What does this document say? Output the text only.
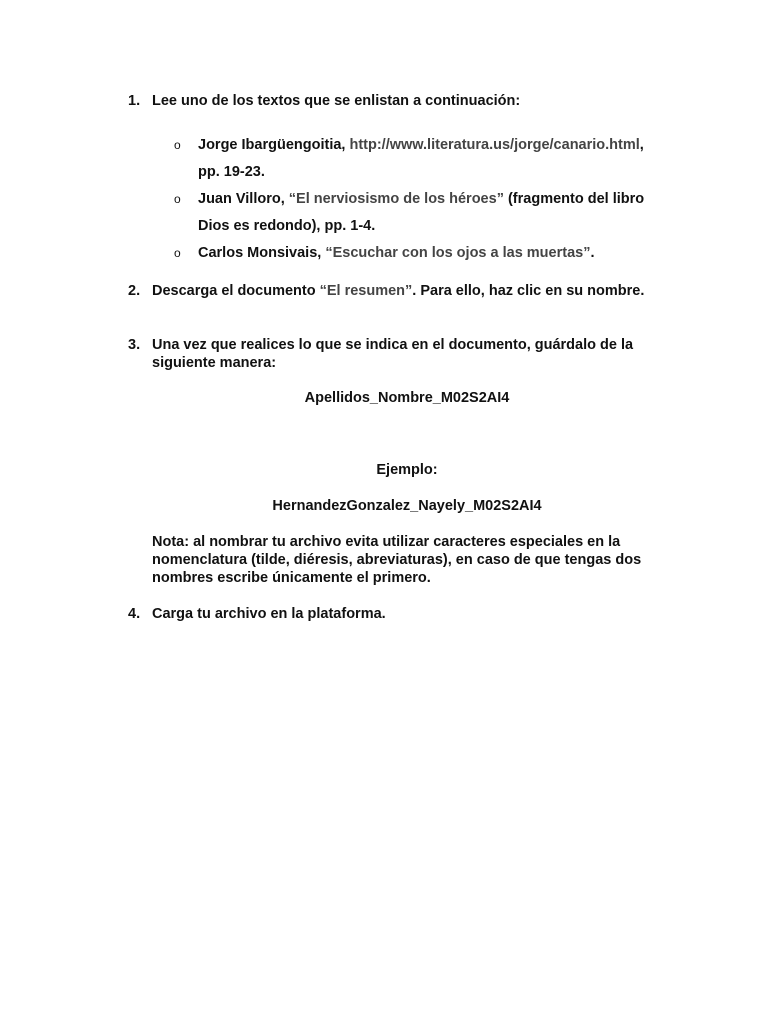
1. Lee uno de los textos que se enlistan a continuación:
o Jorge Ibargüengoitia, http://www.literatura.us/jorge/canario.html, pp. 19-23.
o Juan Villoro, “El nerviosismo de los héroes” (fragmento del libro Dios es redondo), pp. 1-4.
o Carlos Monsivais, “Escuchar con los ojos a las muertas”.
2. Descarga el documento “El resumen”. Para ello, haz clic en su nombre.
3. Una vez que realices lo que se indica en el documento, guárdalo de la siguiente manera:
Apellidos_Nombre_M02S2AI4
Ejemplo:
HernandezGonzalez_Nayely_M02S2AI4
Nota: al nombrar tu archivo evita utilizar caracteres especiales en la nomenclatura (tilde, diéresis, abreviaturas), en caso de que tengas dos nombres escribe únicamente el primero.
4. Carga tu archivo en la plataforma.
